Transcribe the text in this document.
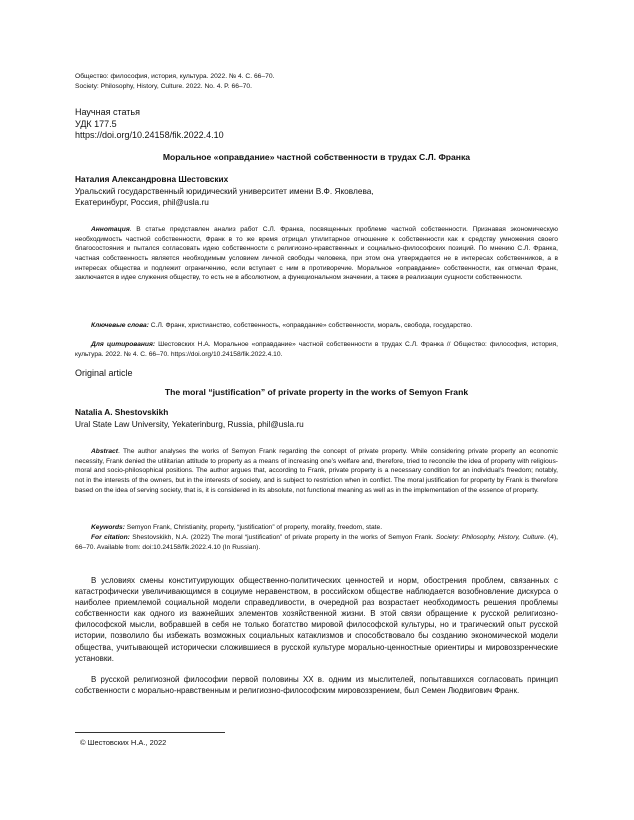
Общество: философия, история, культура. 2022. № 4. С. 66–70.
Society: Philosophy, History, Culture. 2022. No. 4. P. 66–70.
Научная статья
УДК 177.5
https://doi.org/10.24158/fik.2022.4.10
Моральное «оправдание» частной собственности в трудах С.Л. Франка
Наталия Александровна Шестовских
Уральский государственный юридический университет имени В.Ф. Яковлева,
Екатеринбург, Россия, phil@usla.ru
Аннотация. В статье представлен анализ работ С.Л. Франка, посвященных проблеме частной собственности. Признавая экономическую необходимость частной собственности, Франк в то же время отрицал утилитарное отношение к собственности как к средству умножения своего благосостояния и пытался согласовать идею собственности с религиозно-нравственных и социально-философских позиций. По мнению С.Л. Франка, частная собственность является необходимым условием личной свободы человека, при этом она утверждается не в интересах собственников, а в интересах общества и подлежит ограничению, если вступает с ним в противоречие. Моральное «оправдание» собственности, как отмечал Франк, заключается в идее служения обществу, то есть не в абсолютном, а функциональном значении, а также в реализации сущности собственности.
Ключевые слова: С.Л. Франк, христианство, собственность, «оправдание» собственности, мораль, свобода, государство.
Для цитирования: Шестовских Н.А. Моральное «оправдание» частной собственности в трудах С.Л. Франка // Общество: философия, история, культура. 2022. № 4. С. 66–70. https://doi.org/10.24158/fik.2022.4.10.
Original article
The moral “justification” of private property in the works of Semyon Frank
Natalia A. Shestovskikh
Ural State Law University, Yekaterinburg, Russia, phil@usla.ru
Abstract. The author analyses the works of Semyon Frank regarding the concept of private property. While considering private property an economic necessity, Frank denied the utilitarian attitude to property as a means of increasing one’s welfare and, therefore, tried to reconcile the idea of property with religious-moral and socio-philosophical positions. The author argues that, according to Frank, private property is a necessary condition for an individual’s freedom; notably, not in the interests of the owners, but in the interests of society, and is subject to restriction when in conflict. The moral justification for property by Frank is therefore based on the idea of serving society, that is, it is considered in its absolute, not functional meaning as well as in the implementation of the essence of property.
Keywords: Semyon Frank, Christianity, property, “justification” of property, morality, freedom, state.
For citation: Shestovskikh, N.A. (2022) The moral “justification” of private property in the works of Semyon Frank. Society: Philosophy, History, Culture. (4), 66–70. Available from: doi:10.24158/fik.2022.4.10 (In Russian).
В условиях смены конституирующих общественно-политических ценностей и норм, обострения проблем, связанных с катастрофически увеличивающимся в социуме неравенством, в российском обществе наблюдается возобновление дискурса о наиболее приемлемой социальной модели справедливости, в очередной раз возрастает необходимость решения проблемы собственности как одного из важнейших элементов хозяйственной жизни. В этой связи обращение к русской религиозно-философской мысли, вобравшей в себя не только богатство мировой философской культуры, но и трагический опыт русской истории, позволило бы избежать возможных социальных катаклизмов и способствовало бы созданию экономической модели общества, учитывающей исторически сложившиеся в русской культуре морально-ценностные ориентиры и мировоззренческие установки.
В русской религиозной философии первой половины XX в. одним из мыслителей, попытавшихся согласовать принцип собственности с морально-нравственным и религиозно-философским мировоззрением, был Семен Людвигович Франк.
© Шестовских Н.А., 2022
